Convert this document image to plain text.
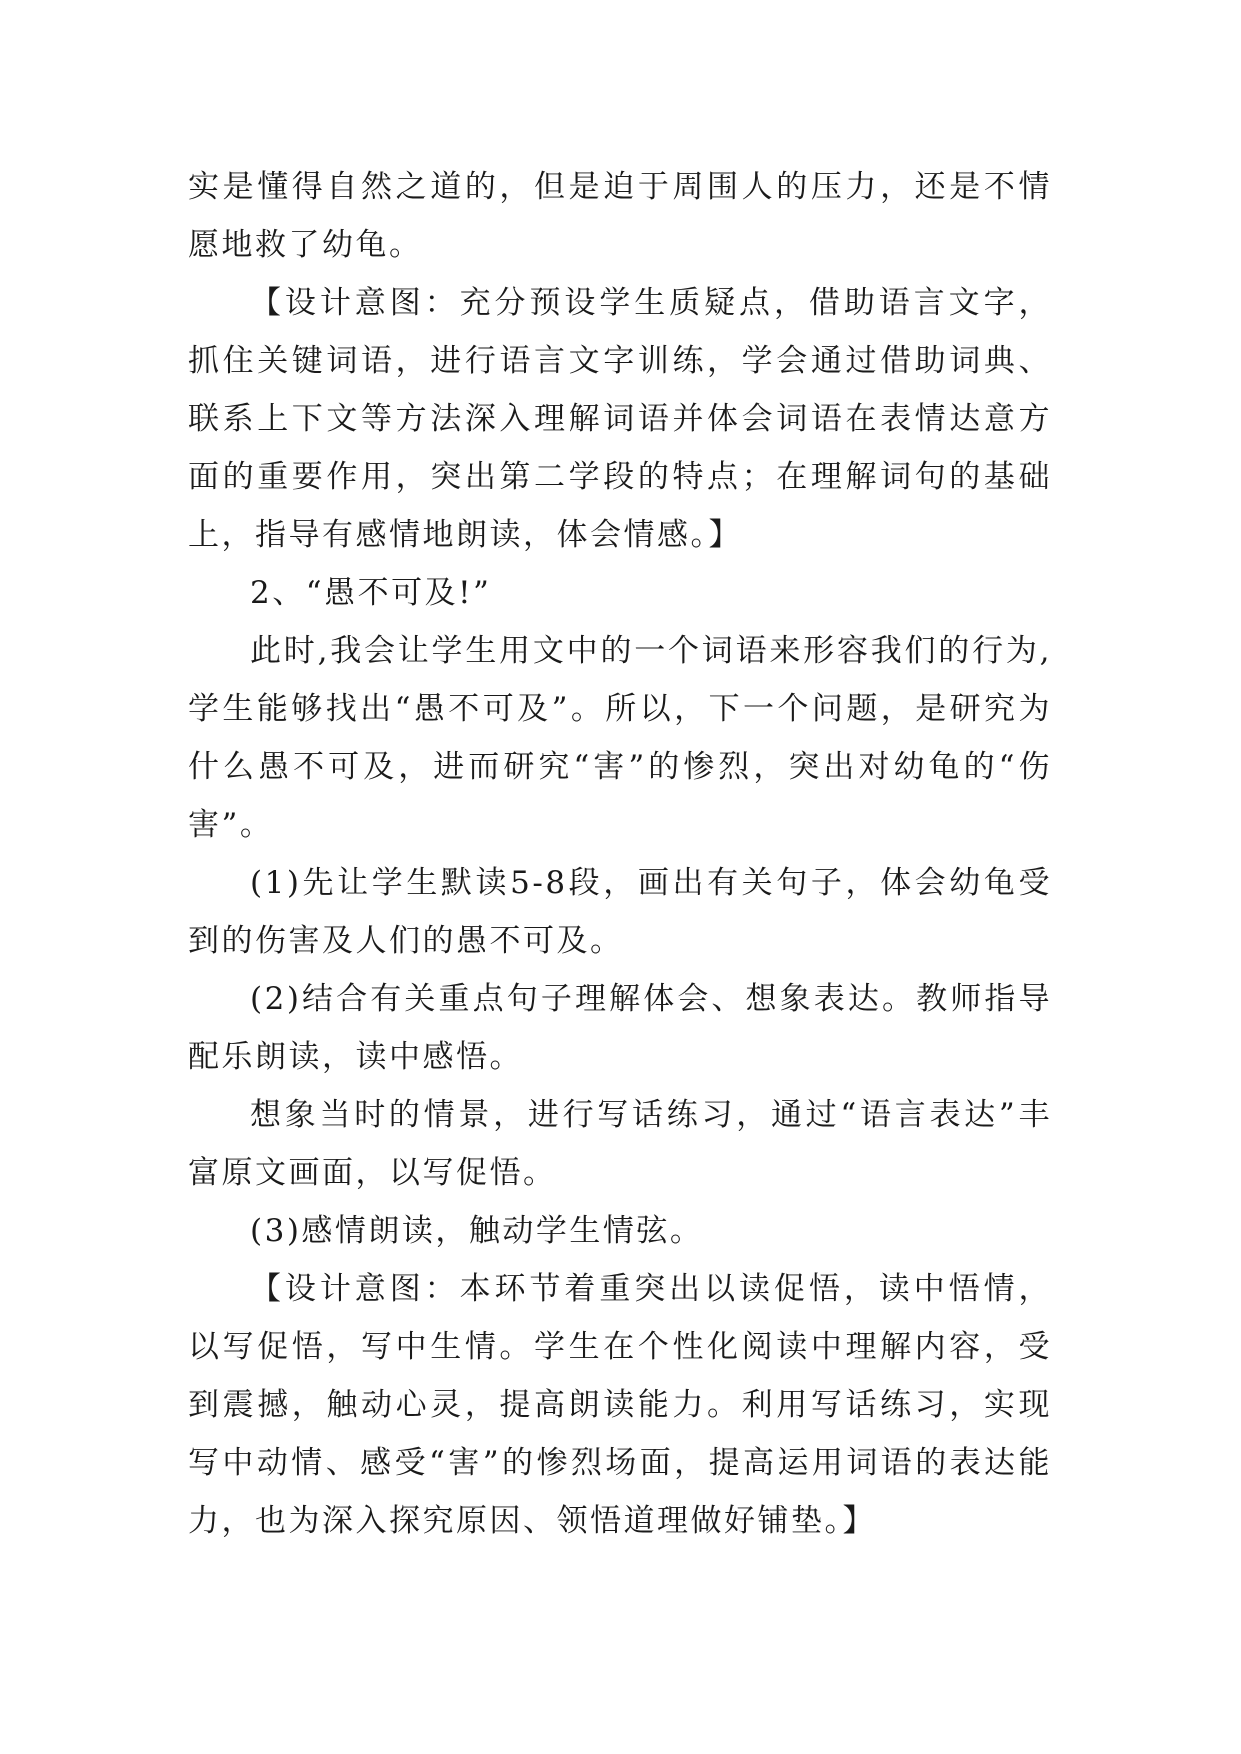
实是懂得自然之道的，但是迫于周围人的压力，还是不情愿地救了幼龟。

【设计意图：充分预设学生质疑点，借助语言文字，抓住关键词语，进行语言文字训练，学会通过借助词典、联系上下文等方法深入理解词语并体会词语在表情达意方面的重要作用，突出第二学段的特点；在理解词句的基础上，指导有感情地朗读，体会情感。】

2、“愚不可及!”

此时,我会让学生用文中的一个词语来形容我们的行为,学生能够找出“愚不可及”。所以，下一个问题，是研究为什么愚不可及，进而研究“害”的惨烈，突出对幼龟的“伤害”。

(1)先让学生默读5-8段，画出有关句子，体会幼龟受到的伤害及人们的愚不可及。

(2)结合有关重点句子理解体会、想象表达。教师指导配乐朗读，读中感悟。

想象当时的情景，进行写话练习，通过“语言表达”丰富原文画面，以写促悟。

(3)感情朗读，触动学生情弦。

【设计意图：本环节着重突出以读促悟，读中悟情，以写促悟，写中生情。学生在个性化阅读中理解内容，受到震撼，触动心灵，提高朗读能力。利用写话练习，实现写中动情、感受“害”的惨烈场面，提高运用词语的表达能力，也为深入探究原因、领悟道理做好铺垫。】
